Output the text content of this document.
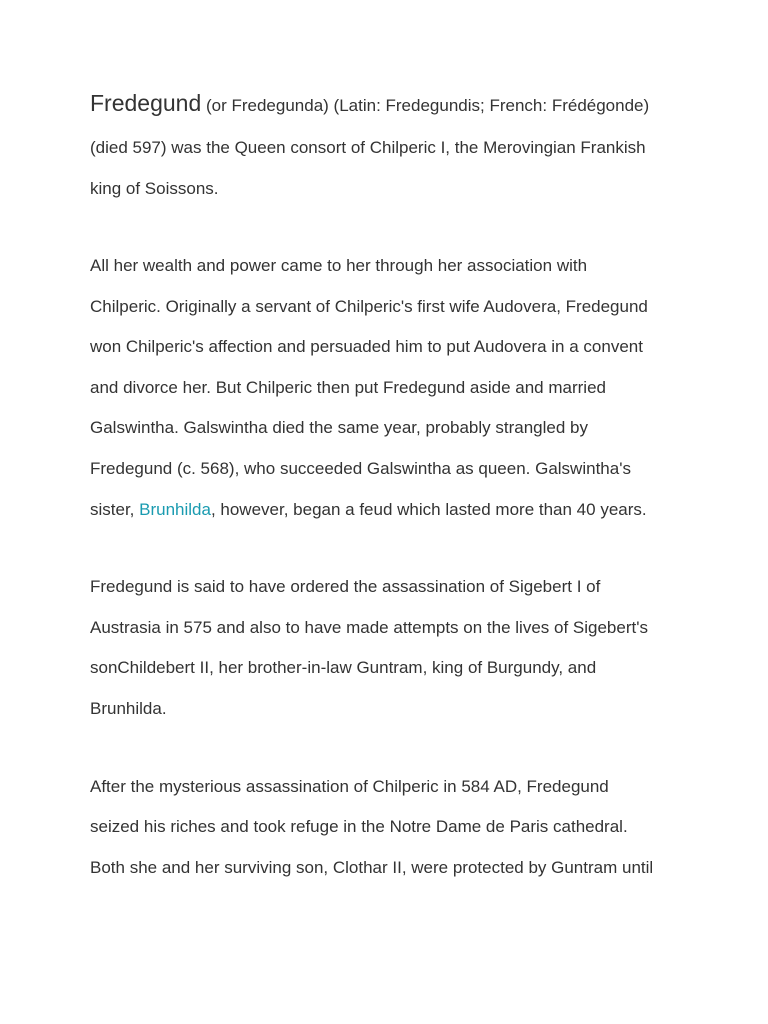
Fredegund (or Fredegunda) (Latin: Fredegundis; French: Frédégonde)
(died 597) was the Queen consort of Chilperic I, the Merovingian Frankish
king of Soissons.

All her wealth and power came to her through her association with
Chilperic. Originally a servant of Chilperic's first wife Audovera, Fredegund
won Chilperic's affection and persuaded him to put Audovera in a convent
and divorce her. But Chilperic then put Fredegund aside and married
Galswintha. Galswintha died the same year, probably strangled by
Fredegund (c. 568), who succeeded Galswintha as queen. Galswintha's
sister, Brunhilda, however, began a feud which lasted more than 40 years.

Fredegund is said to have ordered the assassination of Sigebert I of
Austrasia in 575 and also to have made attempts on the lives of Sigebert's
sonChildebert II, her brother-in-law Guntram, king of Burgundy, and
Brunhilda.

After the mysterious assassination of Chilperic in 584 AD, Fredegund
seized his riches and took refuge in the Notre Dame de Paris cathedral.
Both she and her surviving son, Clothar II, were protected by Guntram until
